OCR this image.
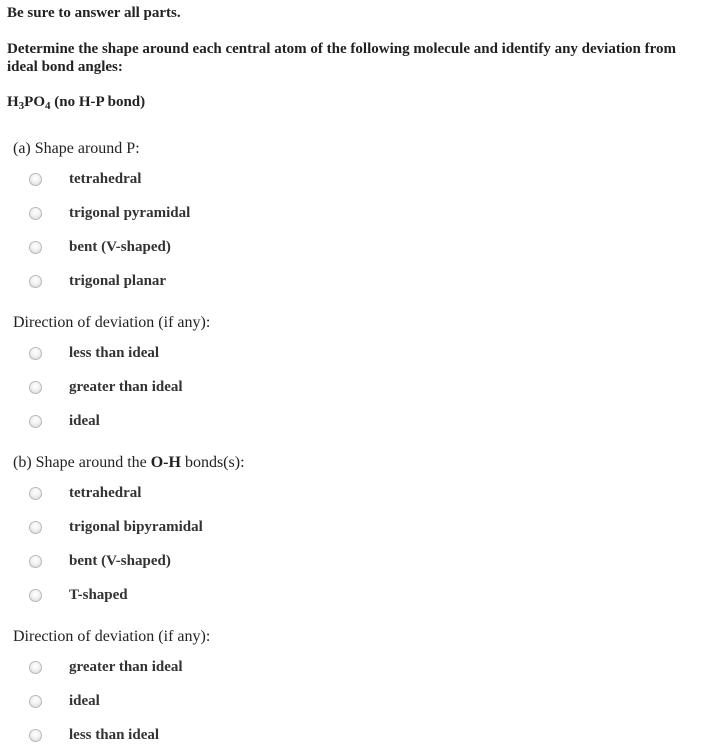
Be sure to answer all parts.
Determine the shape around each central atom of the following molecule and identify any deviation from ideal bond angles:
$H_3PO_4$ (no H-P bond)
(a) Shape around P:
tetrahedral
trigonal pyramidal
bent (V-shaped)
trigonal planar
Direction of deviation (if any):
less than ideal
greater than ideal
ideal
(b) Shape around the O-H bonds(s):
tetrahedral
trigonal bipyramidal
bent (V-shaped)
T-shaped
Direction of deviation (if any):
greater than ideal
ideal
less than ideal
